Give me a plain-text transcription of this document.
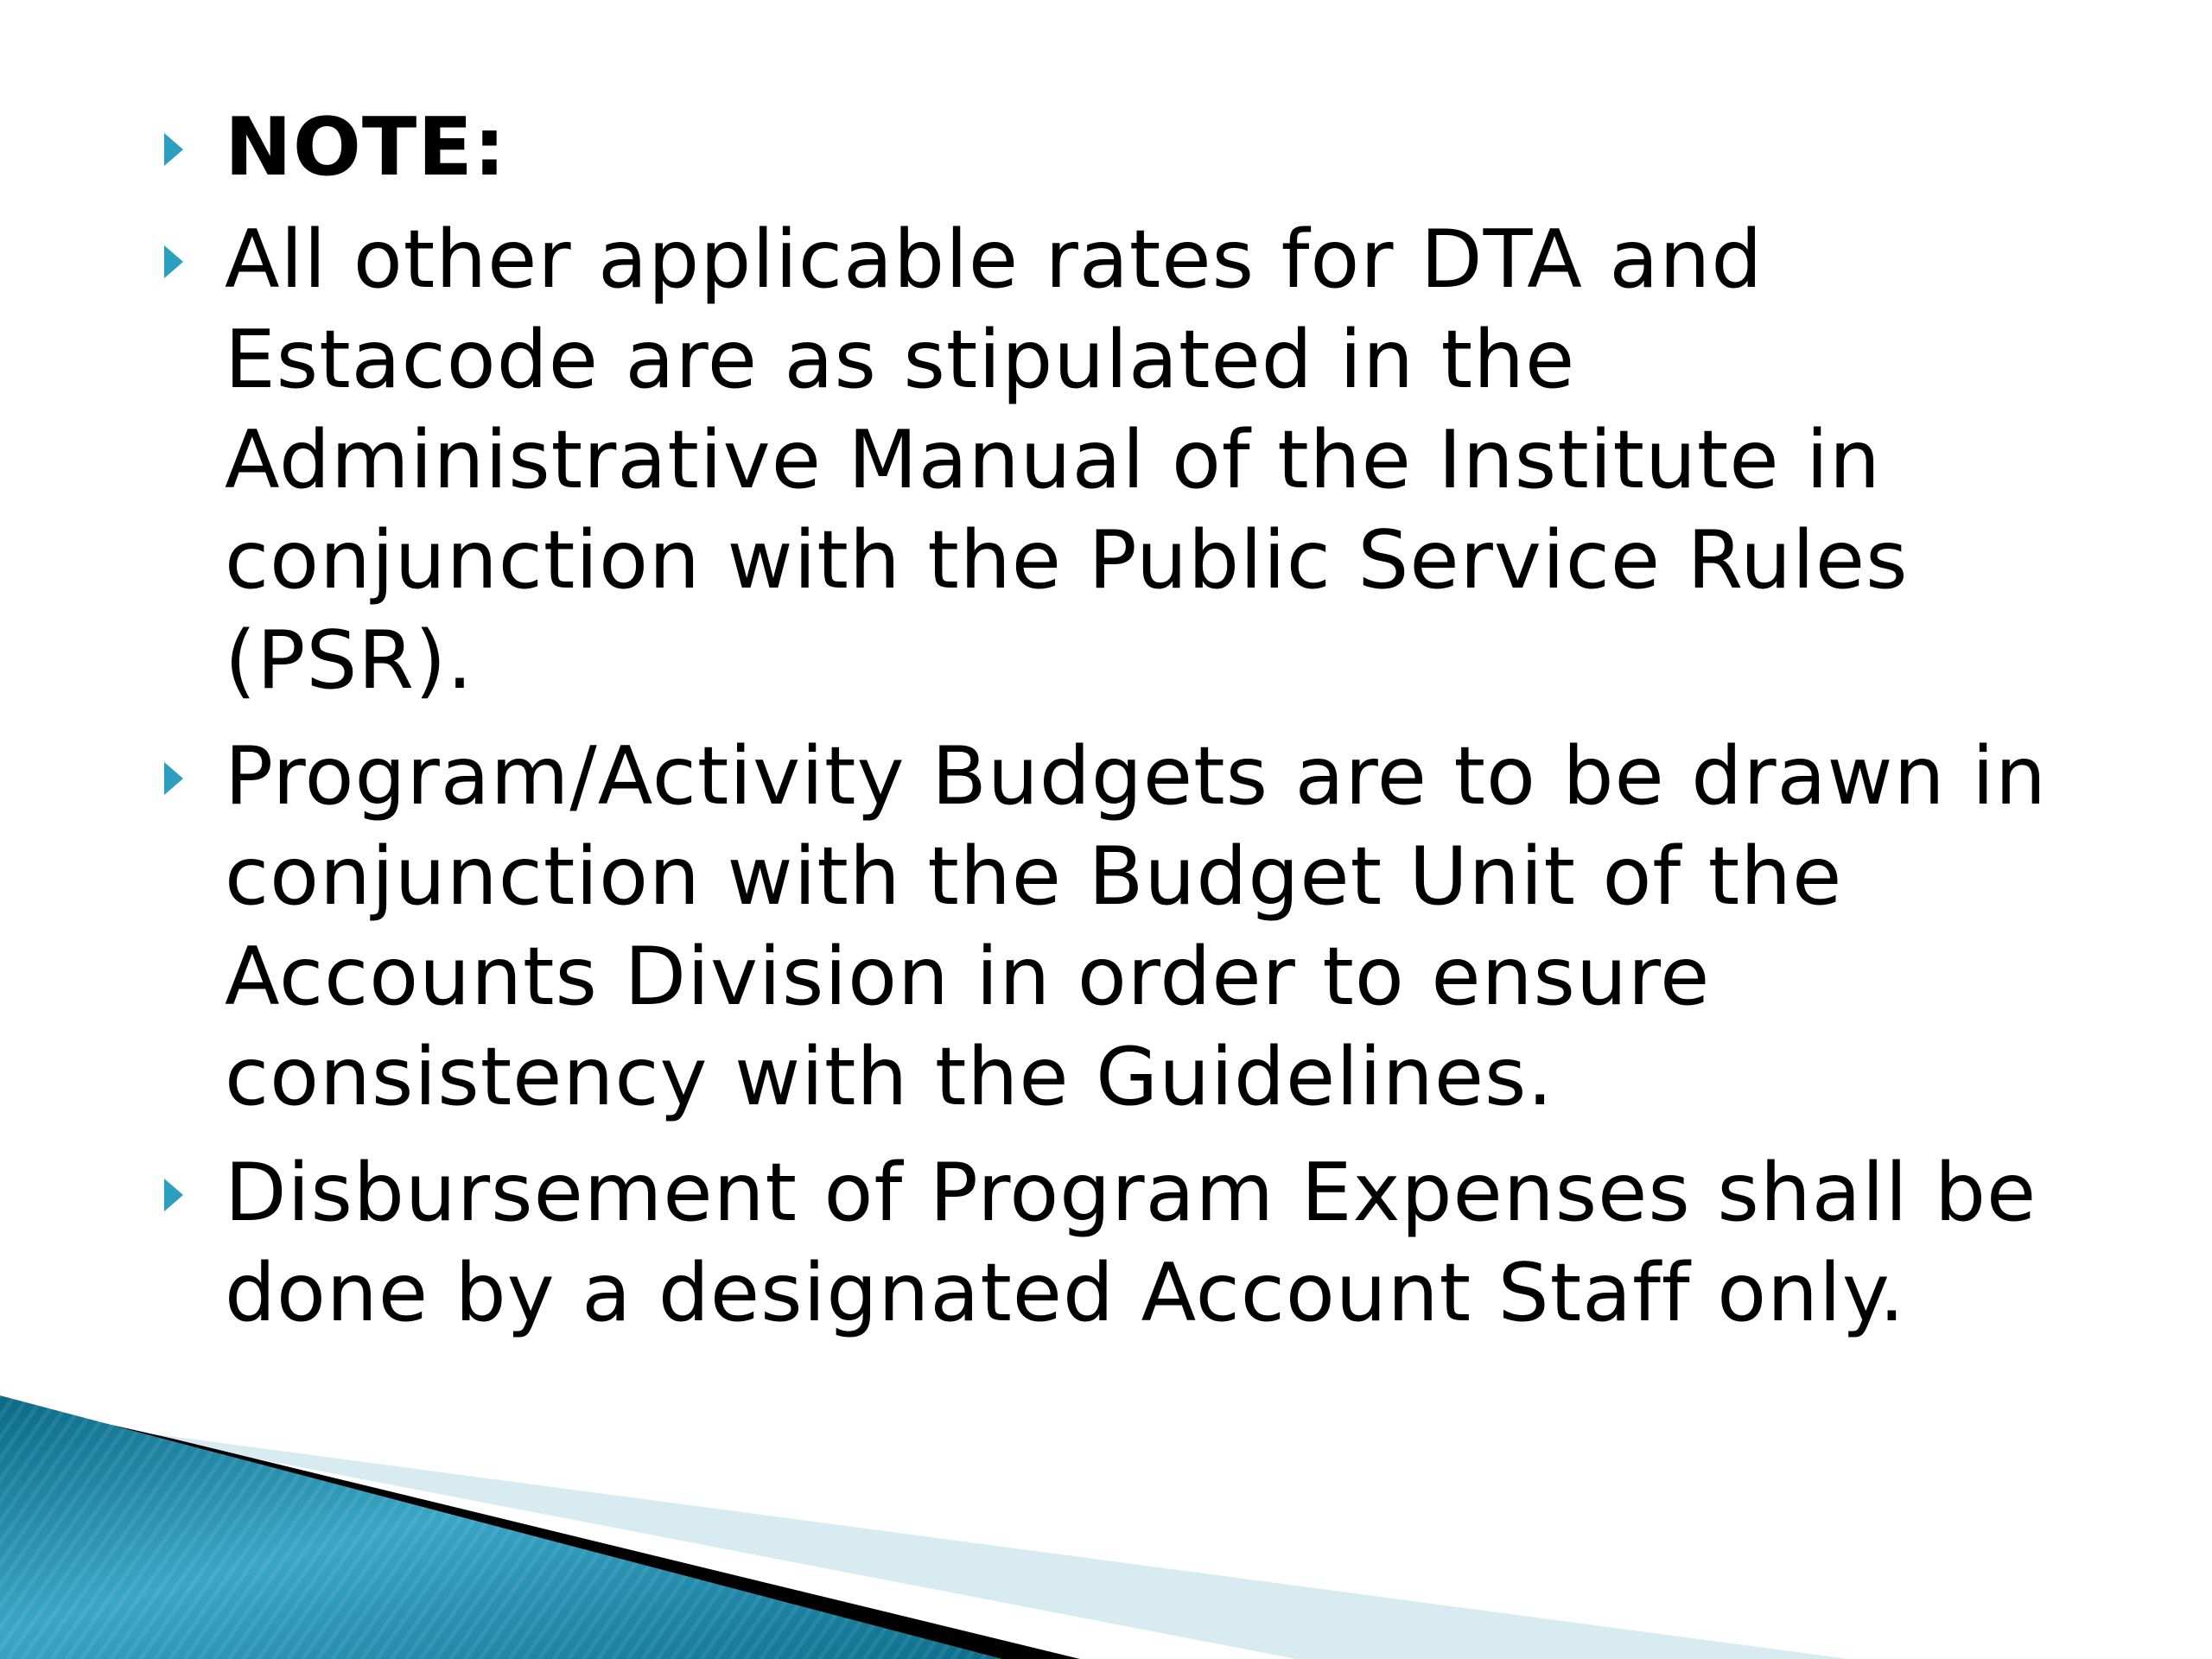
NOTE:
All other applicable rates for DTA and Estacode are as stipulated in the Administrative Manual of the Institute in conjunction with the Public Service Rules (PSR).
Program/Activity Budgets are to be drawn in conjunction with the Budget Unit of the Accounts Division in order to ensure consistency with the Guidelines.
Disbursement of Program Expenses shall be done by a designated Account Staff only.
